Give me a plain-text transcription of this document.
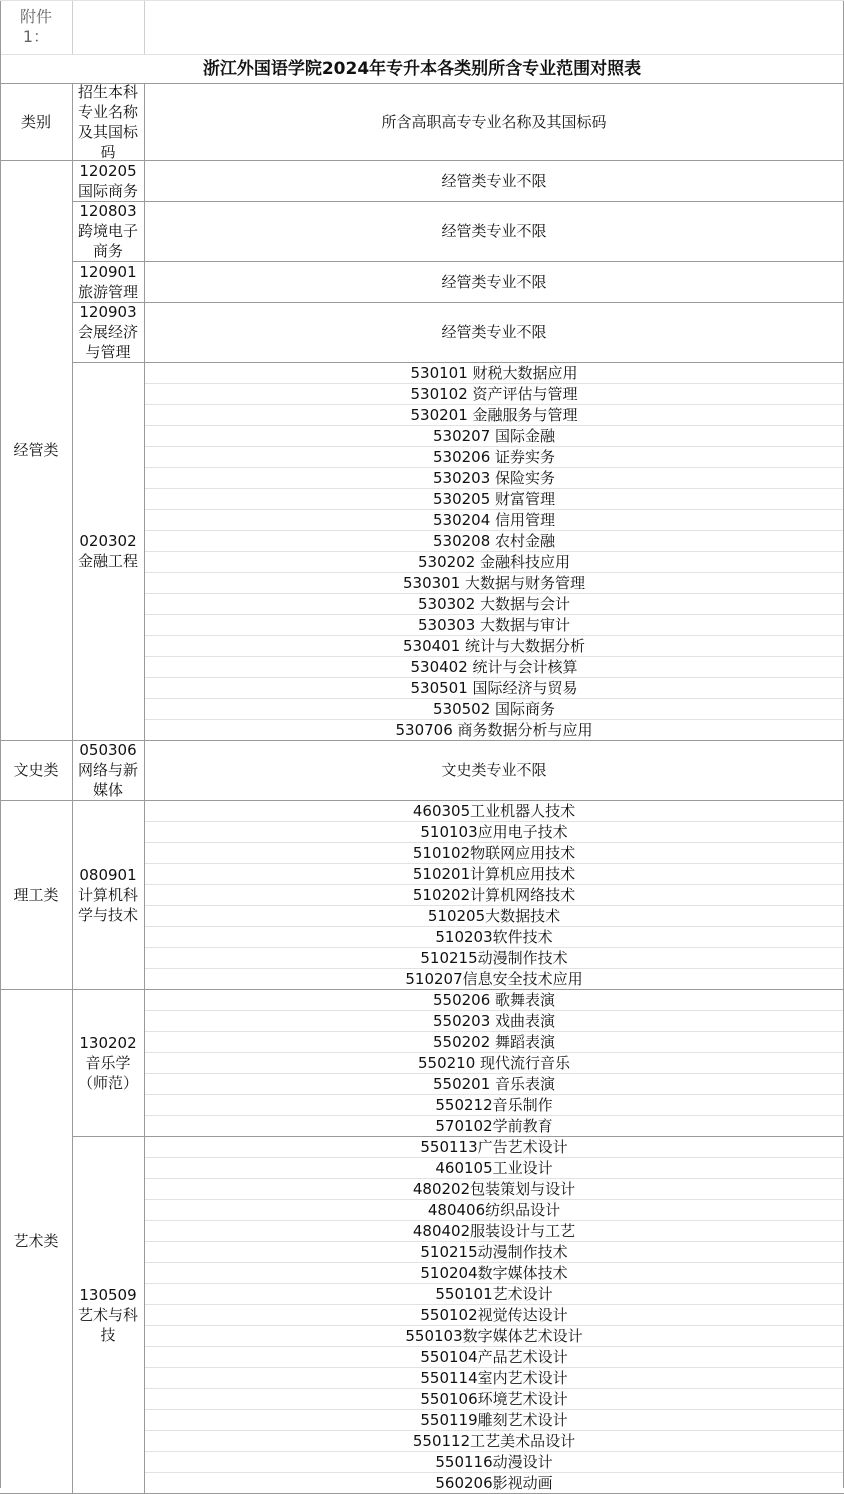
附件
1：
浙江外国语学院2024年专升本各类别所含专业范围对照表
类别
招生本科
专业名称
及其国标
码
所含高职高专专业名称及其国标码
经管类专业不限
120205
国际商务
经管类专业不限
120803
跨境电子
商务
经管类专业不限
120901
旅游管理
经管类专业不限
120903
会展经济
与管理
530101 财税大数据应用
530102 资产评估与管理
530201 金融服务与管理
530207 国际金融
530206 证券实务
530203 保险实务
530205 财富管理
530204 信用管理
530208 农村金融
530202 金融科技应用
530301 大数据与财务管理
530302 大数据与会计
530303 大数据与审计
530401 统计与大数据分析
530402 统计与会计核算
530501 国际经济与贸易
530502 国际商务
530706 商务数据分析与应用
020302
金融工程
经管类
文史类专业不限
050306
网络与新
媒体
文史类
460305工业机器人技术
510103应用电子技术
510102物联网应用技术
510201计算机应用技术
510202计算机网络技术
510205大数据技术
510203软件技术
510215动漫制作技术
510207信息安全技术应用
080901
计算机科
学与技术
理工类
550206 歌舞表演
550203 戏曲表演
550202 舞蹈表演
550210 现代流行音乐
550201 音乐表演
550212音乐制作
570102学前教育
130202
音乐学
（师范）
550113广告艺术设计
460105工业设计
480202包装策划与设计
480406纺织品设计
480402服装设计与工艺
510215动漫制作技术
510204数字媒体技术
550101艺术设计
550102视觉传达设计
550103数字媒体艺术设计
550104产品艺术设计
550114室内艺术设计
550106环境艺术设计
550119雕刻艺术设计
550112工艺美术品设计
550116动漫设计
560206影视动画
130509
艺术与科
技
艺术类
